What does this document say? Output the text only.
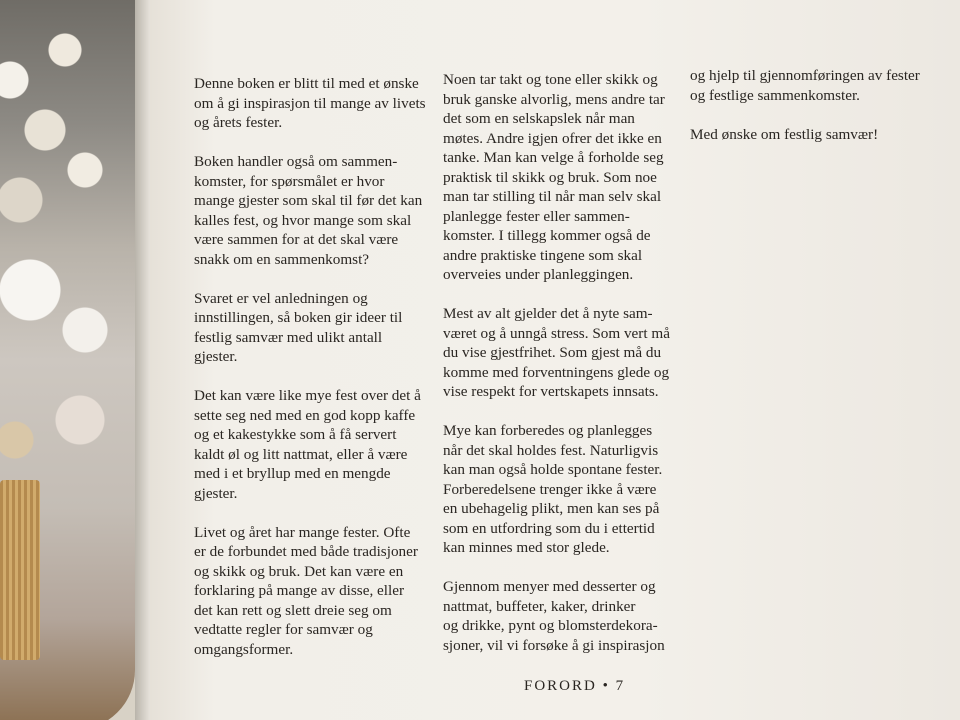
Denne boken er blitt til med et ønske
om å gi inspirasjon til mange av livets
og årets fester.

Boken handler også om sammen-
komster, for spørsmålet er hvor
mange gjester som skal til før det kan
kalles fest, og hvor mange som skal
være sammen for at det skal være
snakk om en sammenkomst?

Svaret er vel anledningen og
innstillingen, så boken gir ideer til
festlig samvær med ulikt antall
gjester.

Det kan være like mye fest over det å
sette seg ned med en god kopp kaffe
og et kakestykke som å få servert
kaldt øl og litt nattmat, eller å være
med i et bryllup med en mengde
gjester.

Livet og året har mange fester. Ofte
er de forbundet med både tradisjoner
og skikk og bruk. Det kan være en
forklaring på mange av disse, eller
det kan rett og slett dreie seg om
vedtatte regler for samvær og
omgangsformer.

Noen tar takt og tone eller skikk og
bruk ganske alvorlig, mens andre tar
det som en selskapslek når man
møtes. Andre igjen ofrer det ikke en
tanke. Man kan velge å forholde seg
praktisk til skikk og bruk. Som noe
man tar stilling til når man selv skal
planlegge fester eller sammen-
komster. I tillegg kommer også de
andre praktiske tingene som skal
overveies under planleggingen.

Mest av alt gjelder det å nyte sam-
været og å unngå stress. Som vert må
du vise gjestfrihet. Som gjest må du
komme med forventningens glede og
vise respekt for vertskapets innsats.

Mye kan forberedes og planlegges
når det skal holdes fest. Naturligvis
kan man også holde spontane fester.
Forberedelsene trenger ikke å være
en ubehagelig plikt, men kan ses på
som en utfordring som du i ettertid
kan minnes med stor glede.

Gjennom menyer med desserter og
nattmat, buffeter, kaker, drinker
og drikke, pynt og blomsterdekora-
sjoner, vil vi forsøke å gi inspirasjon

og hjelp til gjennomføringen av fester
og festlige sammenkomster.

Med ønske om festlig samvær!

FORORD • 7
